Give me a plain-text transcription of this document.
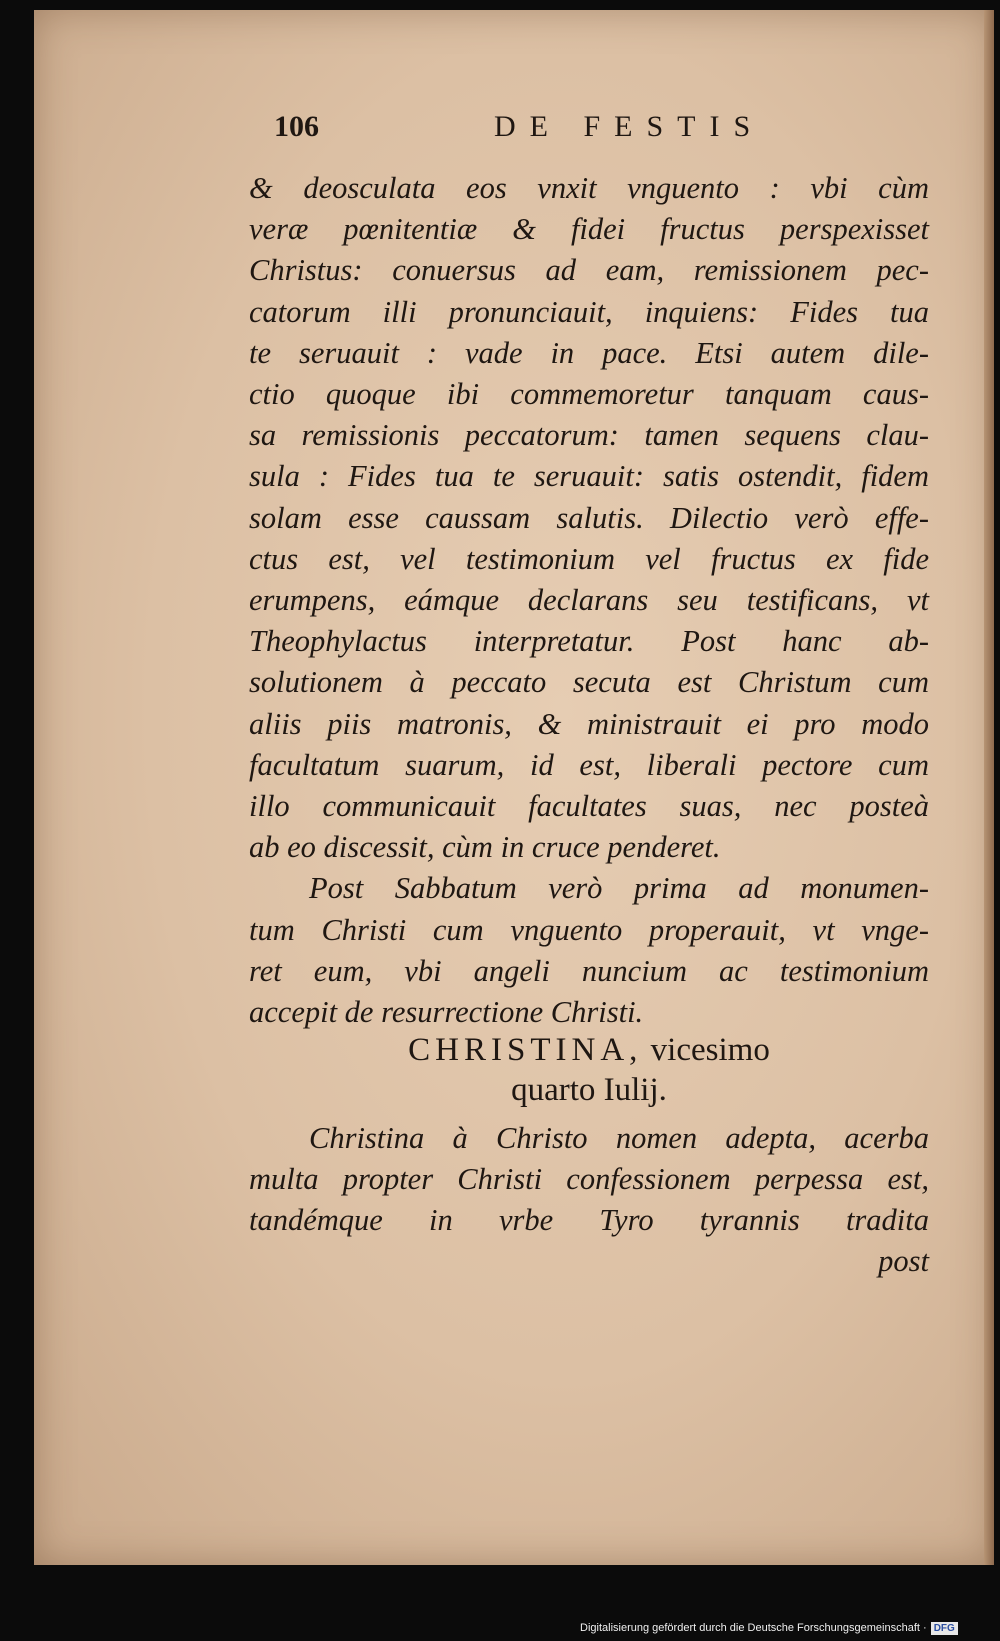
106	DE FESTIS
& deosculata eos vnxit vnguento : vbi cùm
veræ pœnitentiæ & fidei fructus perspexisset
Christus: conuersus ad eam, remissionem pec-
catorum illi pronunciauit, inquiens: Fides tua
te seruauit : vade in pace. Etsi autem dile-
ctio quoque ibi commemoretur tanquam caus-
sa remissionis peccatorum: tamen sequens clau-
sula : Fides tua te seruauit: satis ostendit, fidem
solam esse caussam salutis. Dilectio verò effe-
ctus est, vel testimonium vel fructus ex fide
erumpens, eámque declarans seu testificans, vt
Theophylactus interpretatur. Post hanc ab-
solutionem à peccato secuta est Christum cum
aliis piis matronis, & ministrauit ei pro modo
facultatum suarum, id est, liberali pectore cum
illo communicauit facultates suas, nec posteà
ab eo discessit, cùm in cruce penderet.
Post Sabbatum verò prima ad monumen-
tum Christi cum vnguento properauit, vt vnge-
ret eum, vbi angeli nuncium ac testimonium
accepit de resurrectione Christi.
CHRISTINA, vicesimo
quarto Iulij.
Christina à Christo nomen adepta, acerba
multa propter Christi confessionem perpessa est,
tandémque in vrbe Tyro tyrannis tradita
post
Digitalisierung gefördert durch die Deutsche Forschungsgemeinschaft · DFG
